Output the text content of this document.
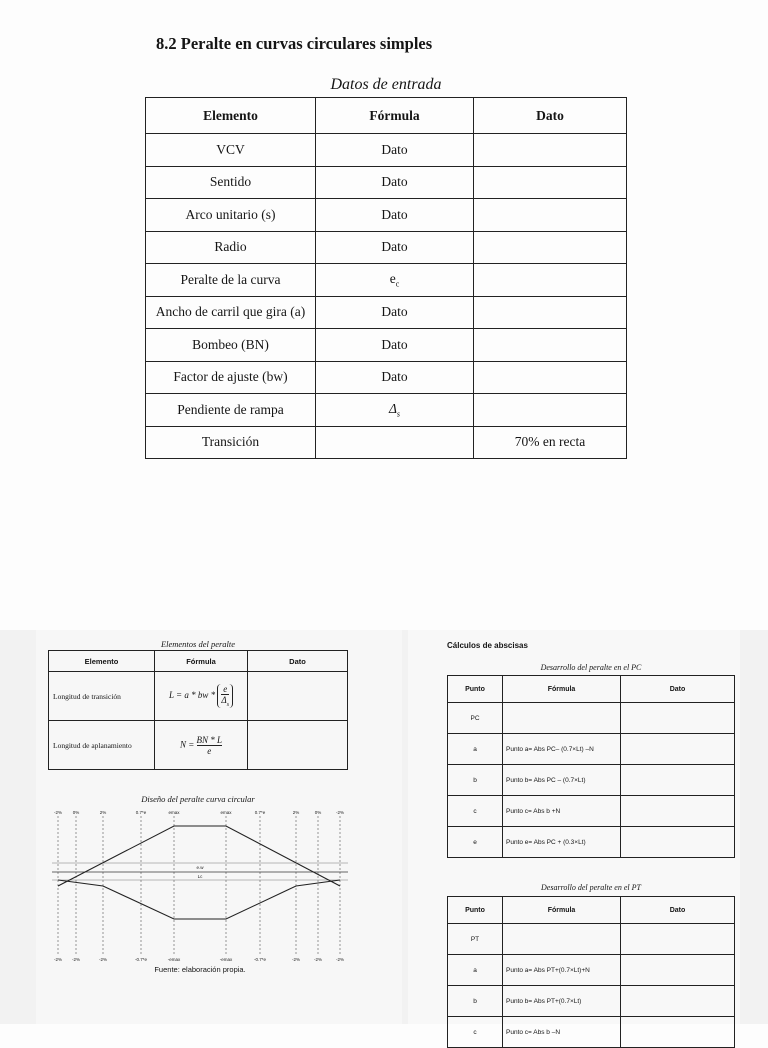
8.2 Peralte en curvas circulares simples
Datos de entrada
Elemento	Fórmula	Dato
VCV	Dato	
Sentido	Dato	
Arco unitario (s)	Dato	
Radio	Dato	
Peralte de la curva	$e_c$	
Ancho de carril que gira (a)	Dato	
Bombeo (BN)	Dato	
Factor de ajuste (bw)	Dato	
Pendiente de rampa	$\Delta_s$	
Transición		70% en recta
Elementos del peralte
Elemento	Fórmula	Dato
Longitud de transición	L = a * bw * $\frac{e}{\Delta_s}$

Longitud de aplanamiento	$N = \frac{BN * L}{e}$

Diseño del peralte curva circular
-2% 0%	2%	0.7*e	emax	emax	0.7*e	2%	0%	-2%
-2% -2%	-2%	-0.7*e	-emax	-emax	-0.7*e	-2%	-2%	-2%
e.w
Lc
Fuente: elaboración propia.
Cálculos de abscisas
Desarrollo del peralte en el PC
Punto	Fórmula	Dato
PC		
a	Punto a= Abs PC– (0.7×Lt) –N	
b	Punto b= Abs PC – (0.7×Lt)	
c	Punto c= Abs b +N	
e	Punto e= Abs PC + (0.3×Lt)	
Desarrollo del peralte en el PT
Punto	Fórmula	Dato
PT		
a	Punto a= Abs PT+(0.7×Lt)+N	
b	Punto b= Abs PT+(0.7×Lt)	
c	Punto c= Abs b –N	
